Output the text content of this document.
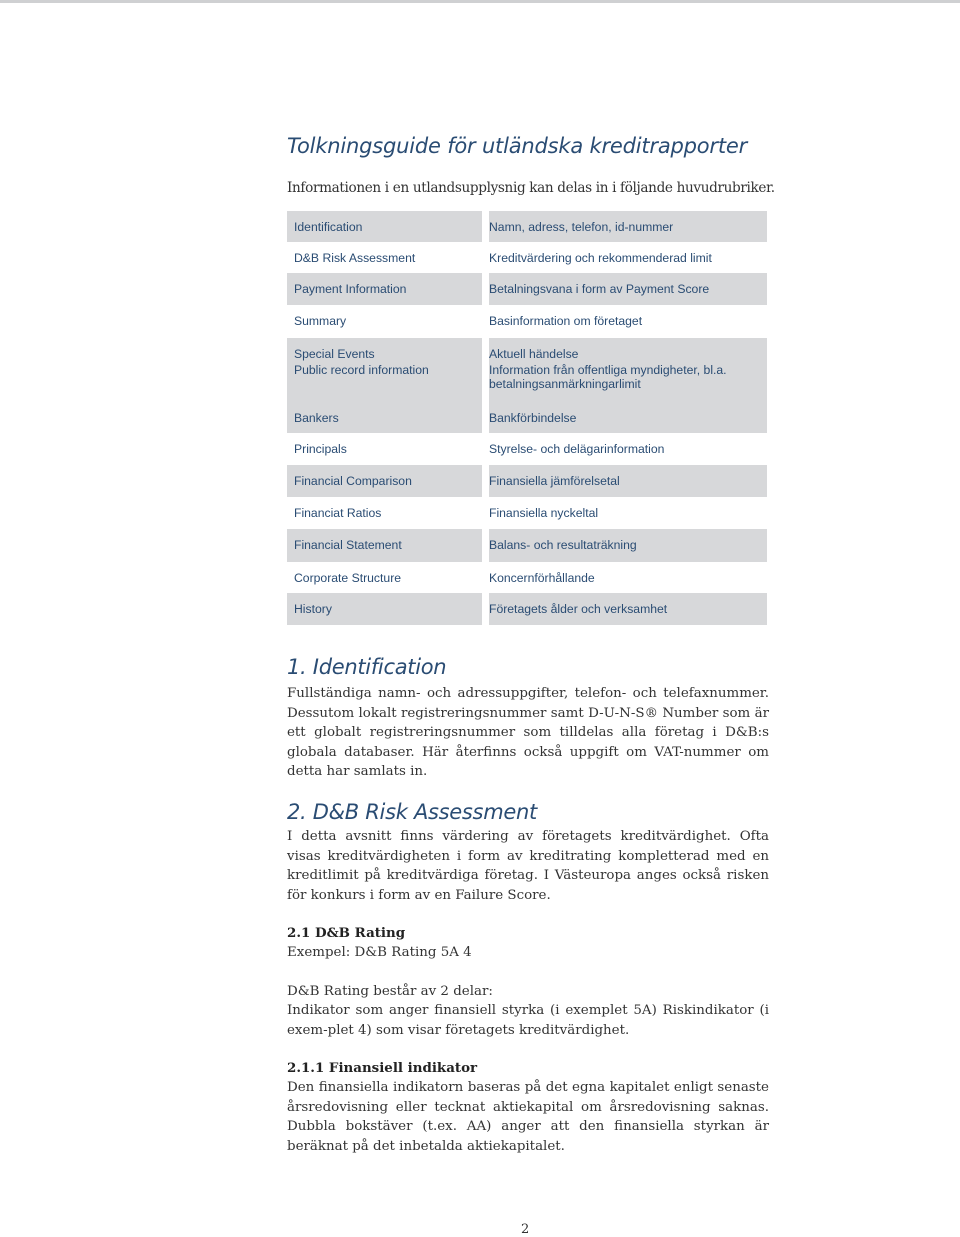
Tolkningsguide för utländska kreditrapporter
Informationen i en utlandsupplysnig kan delas in i följande huvudrubriker.
Identification	Namn, adress, telefon, id-nummer
D&B Risk Assessment	Kreditvärdering och rekommenderad limit
Payment Information	Betalningsvana i form av Payment Score
Summary	Basinformation om företaget
Special Events	Aktuell händelse
Public record information	Information från offentliga myndigheter, bl.a. betalningsanmärkningarlimit
Bankers	Bankförbindelse
Principals	Styrelse- och delägarinformation
Financial Comparison	Finansiella jämförelsetal
Financiat Ratios	Finansiella nyckeltal
Financial Statement	Balans- och resultaträkning
Corporate Structure	Koncernförhållande
History	Företagets ålder och verksamhet
1. Identification

Fullständiga namn- och adressuppgifter, telefon- och telefaxnummer. Dessutom lokalt registreringsnummer samt D-U-N-S® Number som är ett globalt registreringsnummer som tilldelas alla företag i D&B:s globala databaser. Här återfinns också uppgift om VAT-nummer om detta har samlats in.

2. D&B Risk Assessment

I detta avsnitt finns värdering av företagets kreditvärdighet. Ofta visas kreditvärdigheten i form av kreditrating kompletterad med en kreditlimit på kreditvärdiga företag. I Västeuropa anges också risken för konkurs i form av en Failure Score.

2.1 D&B Rating

Exempel: D&B Rating 5A 4

D&B Rating består av 2 delar:

Indikator som anger finansiell styrka (i exemplet 5A) Riskindikator (i exem-plet 4) som visar företagets kreditvärdighet.

2.1.1 Finansiell indikator

Den finansiella indikatorn baseras på det egna kapitalet enligt senaste årsredovisning eller tecknat aktiekapital om årsredovisning saknas. Dubbla bokstäver (t.ex. AA) anger att den finansiella styrkan är beräknat på det inbetalda aktiekapitalet.

2
